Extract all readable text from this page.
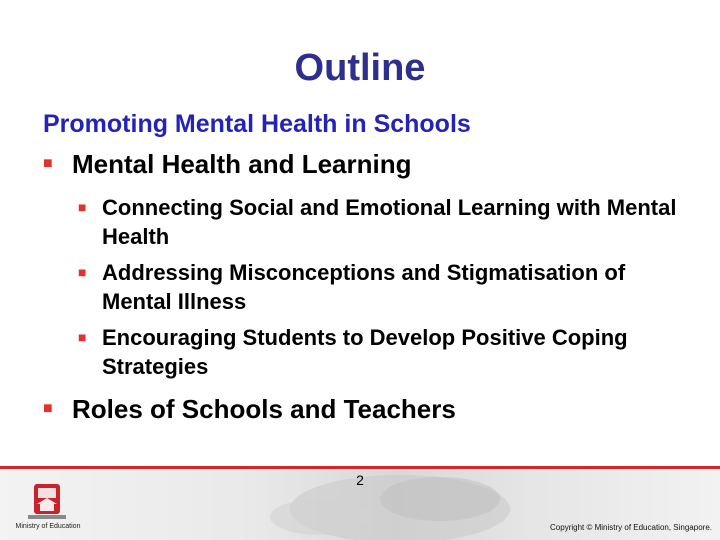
Outline
Promoting Mental Health in Schools
■ Mental Health and Learning
■ Connecting Social and Emotional Learning with Mental Health
■ Addressing Misconceptions and Stigmatisation of Mental Illness
■ Encouraging Students to Develop Positive Coping Strategies
■ Roles of Schools and Teachers
Ministry of Education
2
Copyright © Ministry of Education, Singapore.
